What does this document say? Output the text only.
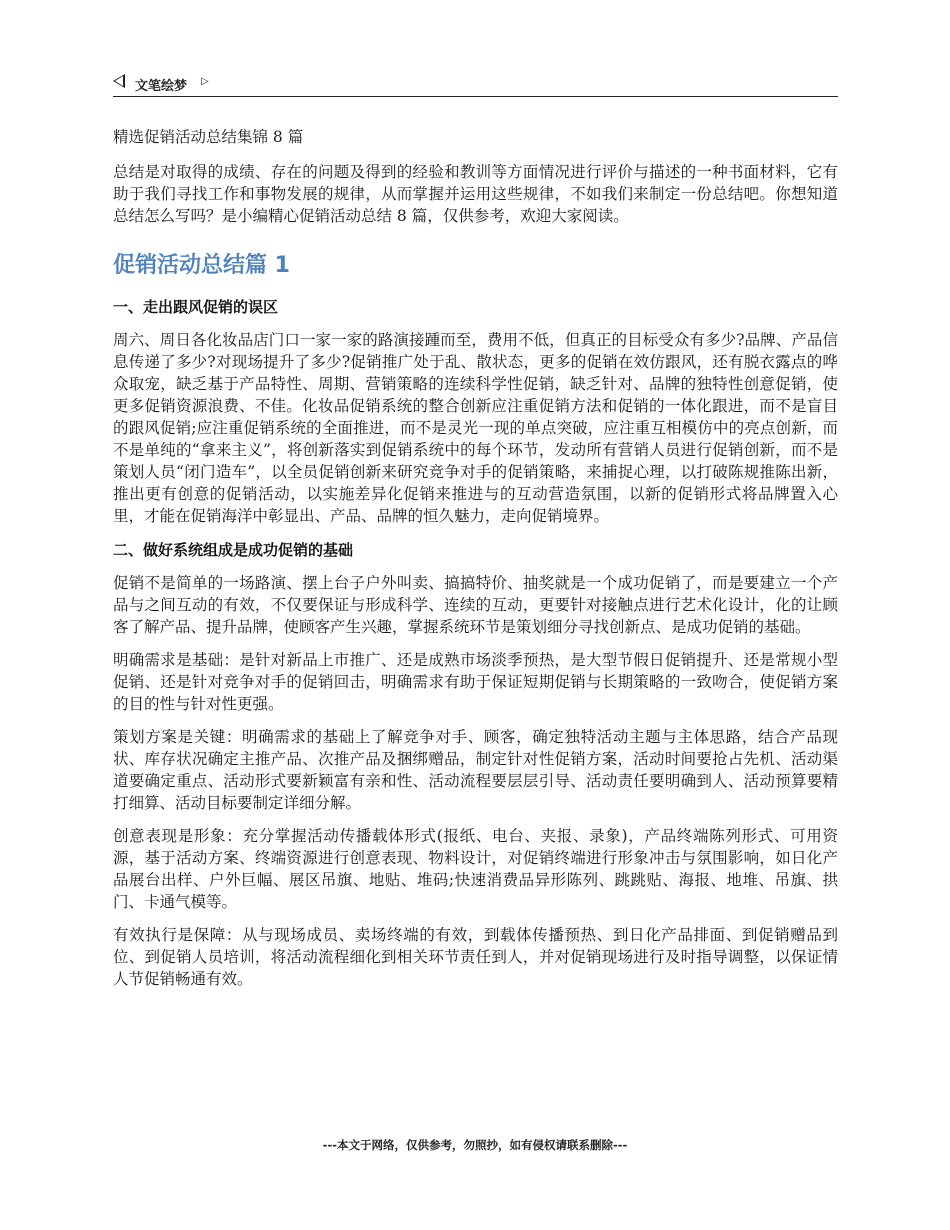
文笔绘梦 ▷
精选促销活动总结集锦 8 篇

总结是对取得的成绩、存在的问题及得到的经验和教训等方面情况进行评价与描述的一种书面材料，它有助于我们寻找工作和事物发展的规律，从而掌握并运用这些规律，不如我们来制定一份总结吧。你想知道总结怎么写吗？是小编精心促销活动总结 8 篇，仅供参考，欢迎大家阅读。

促销活动总结篇 1
一、走出跟风促销的误区

周六、周日各化妆品店门口一家一家的路演接踵而至，费用不低，但真正的目标受众有多少?品牌、产品信息传递了多少?对现场提升了多少?促销推广处于乱、散状态，更多的促销在效仿跟风，还有脱衣露点的哗众取宠，缺乏基于产品特性、周期、营销策略的连续科学性促销，缺乏针对、品牌的独特性创意促销，使更多促销资源浪费、不佳。化妆品促销系统的整合创新应注重促销方法和促销的一体化跟进，而不是盲目的跟风促销;应注重促销系统的全面推进，而不是灵光一现的单点突破，应注重互相模仿中的亮点创新，而不是单纯的“拿来主义”，将创新落实到促销系统中的每个环节，发动所有营销人员进行促销创新，而不是策划人员“闭门造车”，以全员促销创新来研究竞争对手的促销策略，来捕捉心理，以打破陈规推陈出新，推出更有创意的促销活动，以实施差异化促销来推进与的互动营造氛围，以新的促销形式将品牌置入心里，才能在促销海洋中彰显出、产品、品牌的恒久魅力，走向促销境界。

二、做好系统组成是成功促销的基础

促销不是简单的一场路演、摆上台子户外叫卖、搞搞特价、抽奖就是一个成功促销了，而是要建立一个产品与之间互动的有效，不仅要保证与形成科学、连续的互动，更要针对接触点进行艺术化设计，化的让顾客了解产品、提升品牌，使顾客产生兴趣，掌握系统环节是策划细分寻找创新点、是成功促销的基础。

明确需求是基础：是针对新品上市推广、还是成熟市场淡季预热，是大型节假日促销提升、还是常规小型促销、还是针对竞争对手的促销回击，明确需求有助于保证短期促销与长期策略的一致吻合，使促销方案的目的性与针对性更强。

策划方案是关键：明确需求的基础上了解竞争对手、顾客，确定独特活动主题与主体思路，结合产品现状、库存状况确定主推产品、次推产品及捆绑赠品，制定针对性促销方案，活动时间要抢占先机、活动渠道要确定重点、活动形式要新颖富有亲和性、活动流程要层层引导、活动责任要明确到人、活动预算要精打细算、活动目标要制定详细分解。

创意表现是形象：充分掌握活动传播载体形式(报纸、电台、夹报、录象)，产品终端陈列形式、可用资源，基于活动方案、终端资源进行创意表现、物料设计，对促销终端进行形象冲击与氛围影响，如日化产品展台出样、户外巨幅、展区吊旗、地贴、堆码;快速消费品异形陈列、跳跳贴、海报、地堆、吊旗、拱门、卡通气模等。

有效执行是保障：从与现场成员、卖场终端的有效，到载体传播预热、到日化产品排面、到促销赠品到位、到促销人员培训，将活动流程细化到相关环节责任到人，并对促销现场进行及时指导调整，以保证情人节促销畅通有效。

---本文于网络，仅供参考，勿照抄，如有侵权请联系删除---
